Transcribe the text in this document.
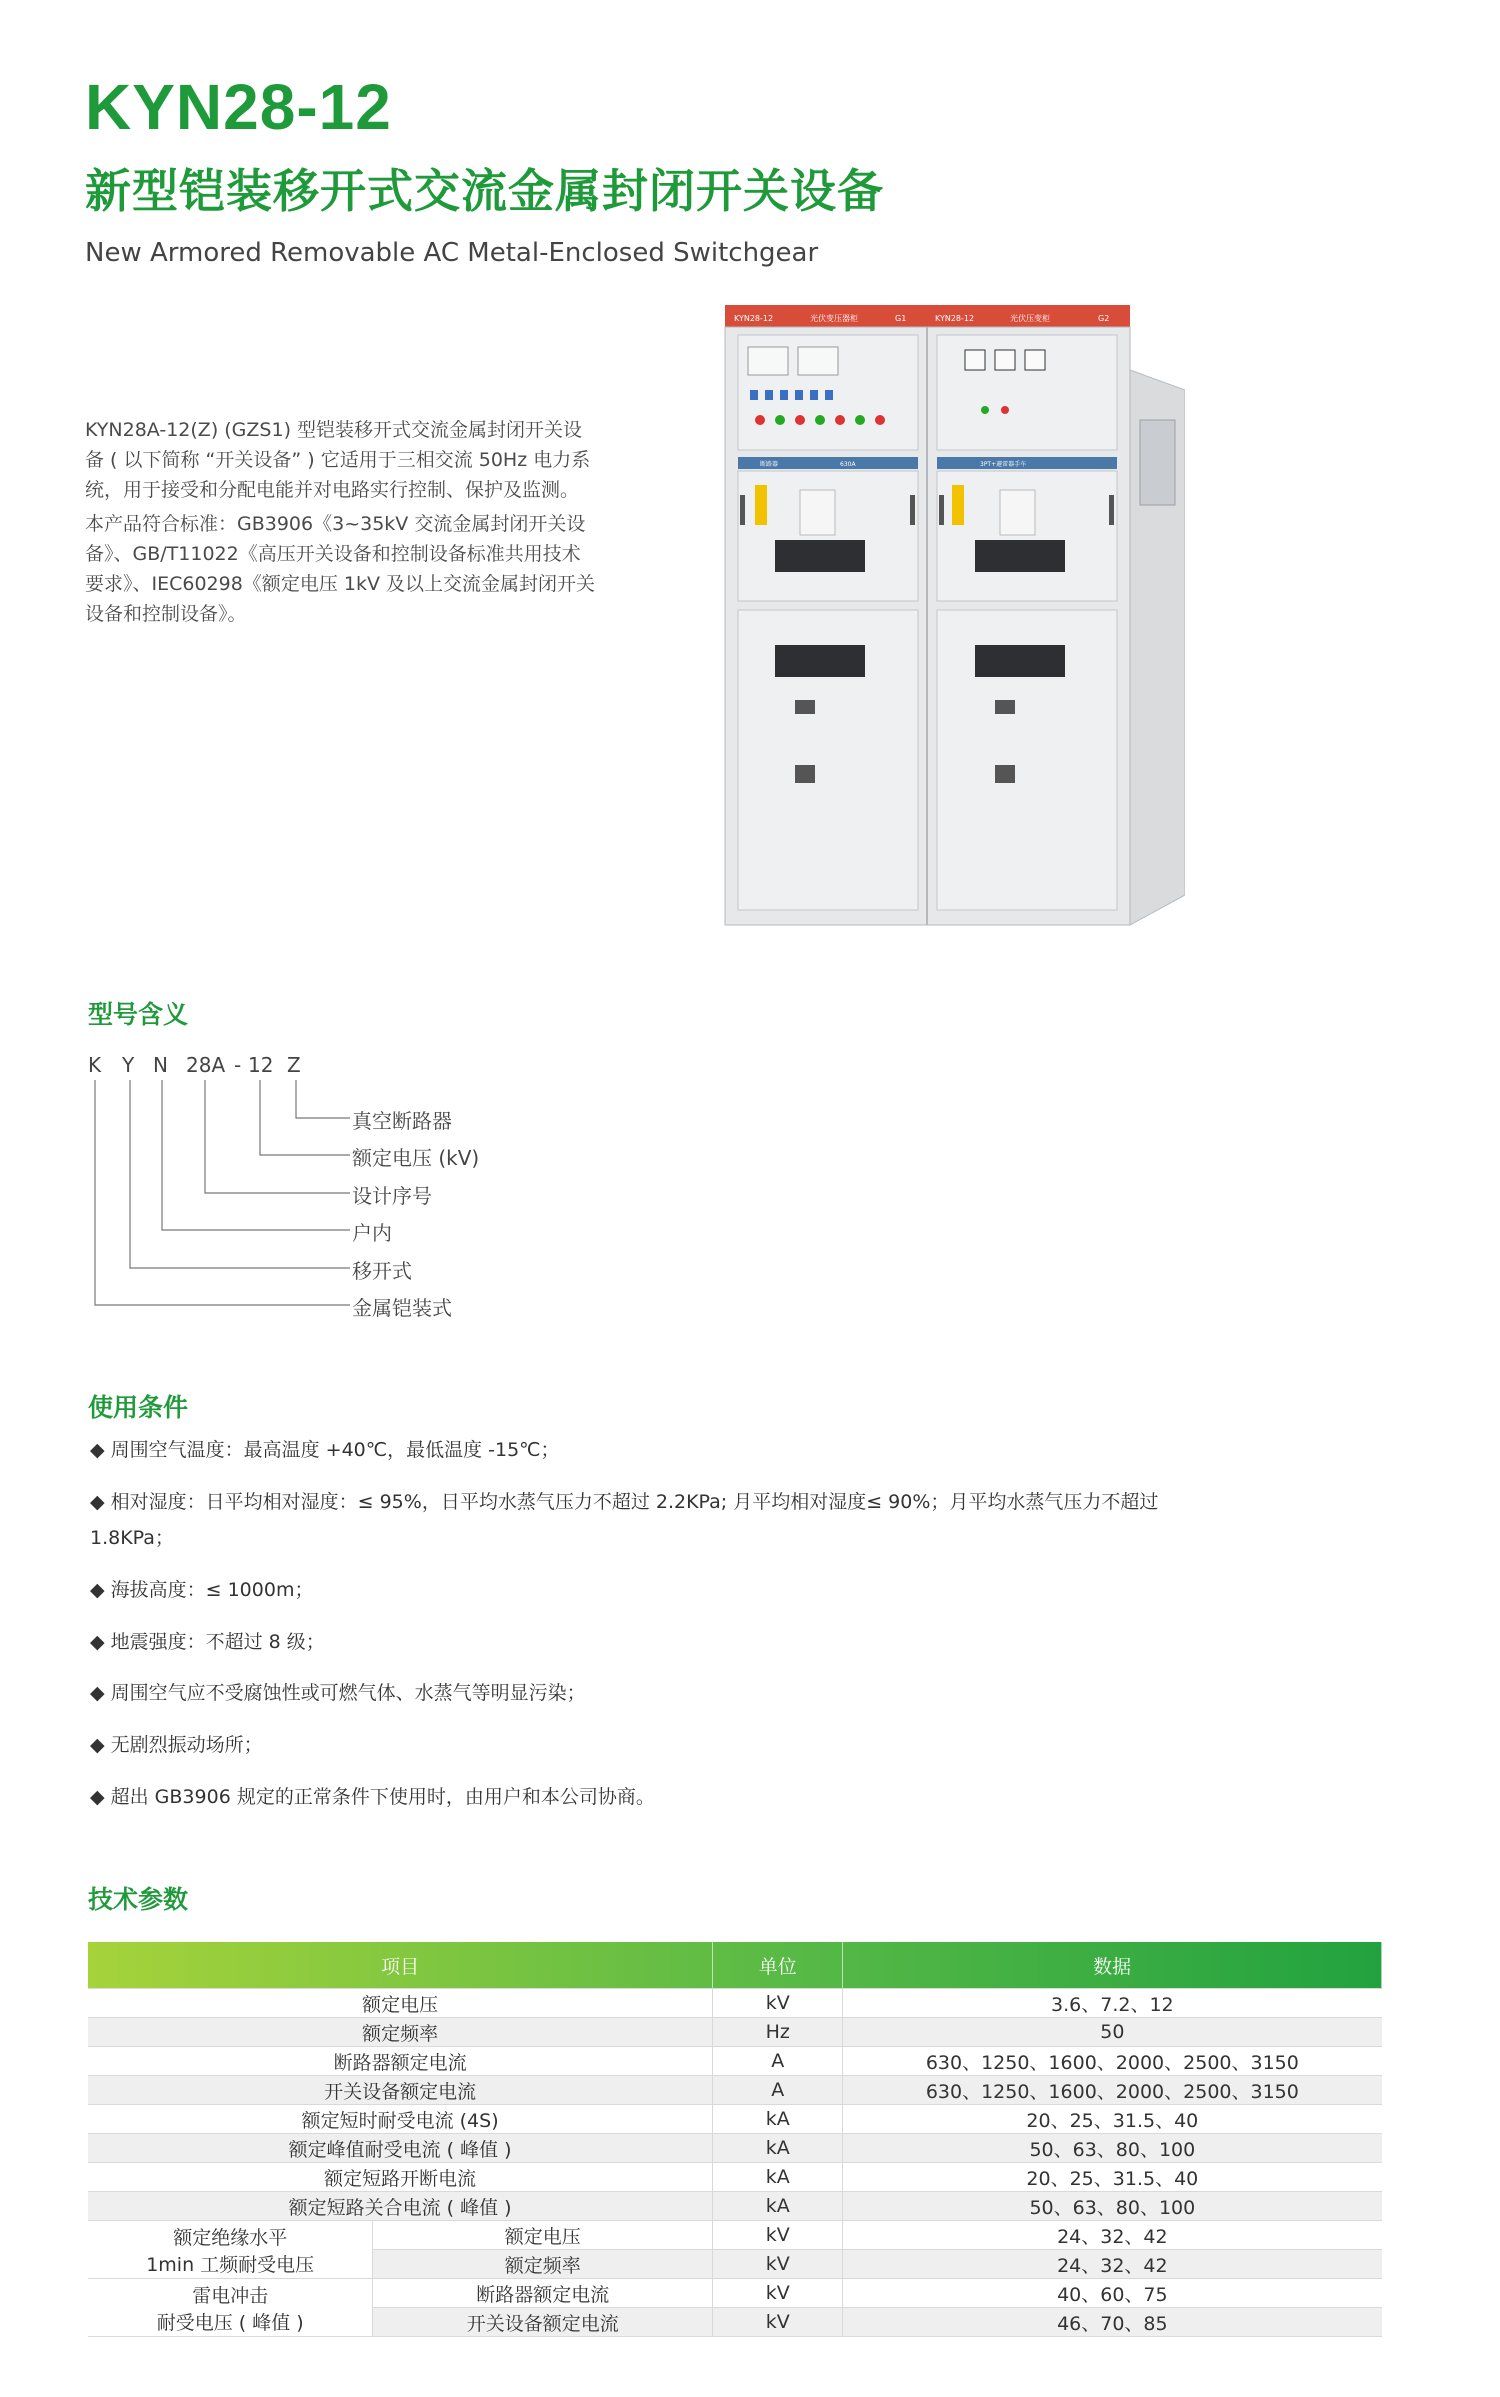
KYN28-12
新型铠装移开式交流金属封闭开关设备
New Armored Removable AC Metal-Enclosed Switchgear

KYN28A-12(Z) (GZS1) 型铠装移开式交流金属封闭开关设备 ( 以下简称 “开关设备” ) 它适用于三相交流 50Hz 电力系统，用于接受和分配电能并对电路实行控制、保护及监测。

本产品符合标准：GB3906《3~35kV 交流金属封闭开关设备》、GB/T11022《高压开关设备和控制设备标准共用技术要求》、IEC60298《额定电压 1kV 及以上交流金属封闭开关设备和控制设备》。

KYN28-12	光伏变压器柜	G1	KYN28-12	光伏压变柜	G2
断路器	630A	3PT+避雷器手车
型号含义
K Y N 28A - 12 Z
真空断路器
额定电压 (kV)
设计序号
户内
移开式
金属铠装式
使用条件
◆ 周围空气温度：最高温度 +40℃，最低温度 -15℃；
◆ 相对湿度：日平均相对湿度：≤ 95%，日平均水蒸气压力不超过 2.2KPa; 月平均相对湿度≤ 90%；月平均水蒸气压力不超过
1.8KPa；
◆ 海拔高度：≤ 1000m；
◆ 地震强度：不超过 8 级；
◆ 周围空气应不受腐蚀性或可燃气体、水蒸气等明显污染；
◆ 无剧烈振动场所；
◆ 超出 GB3906 规定的正常条件下使用时，由用户和本公司协商。
技术参数
项目		单位	数据
额定电压		kV	3.6、7.2、12
额定频率		Hz	50
断路器额定电流		A	630、1250、1600、2000、2500、3150
开关设备额定电流		A	630、1250、1600、2000、2500、3150
额定短时耐受电流 (4S)		kA	20、25、31.5、40
额定峰值耐受电流 ( 峰值 )		kA	50、63、80、100
额定短路开断电流		kA	20、25、31.5、40
额定短路关合电流 ( 峰值 )		kA	50、63、80、100

额定绝缘水平
1min 工频耐受电压	额定电压	kV	24、32、42
	额定频率	kV	24、32、42

雷电冲击
耐受电压 ( 峰值 )	断路器额定电流	kV	40、60、75
	开关设备额定电流	kV	46、70、85
